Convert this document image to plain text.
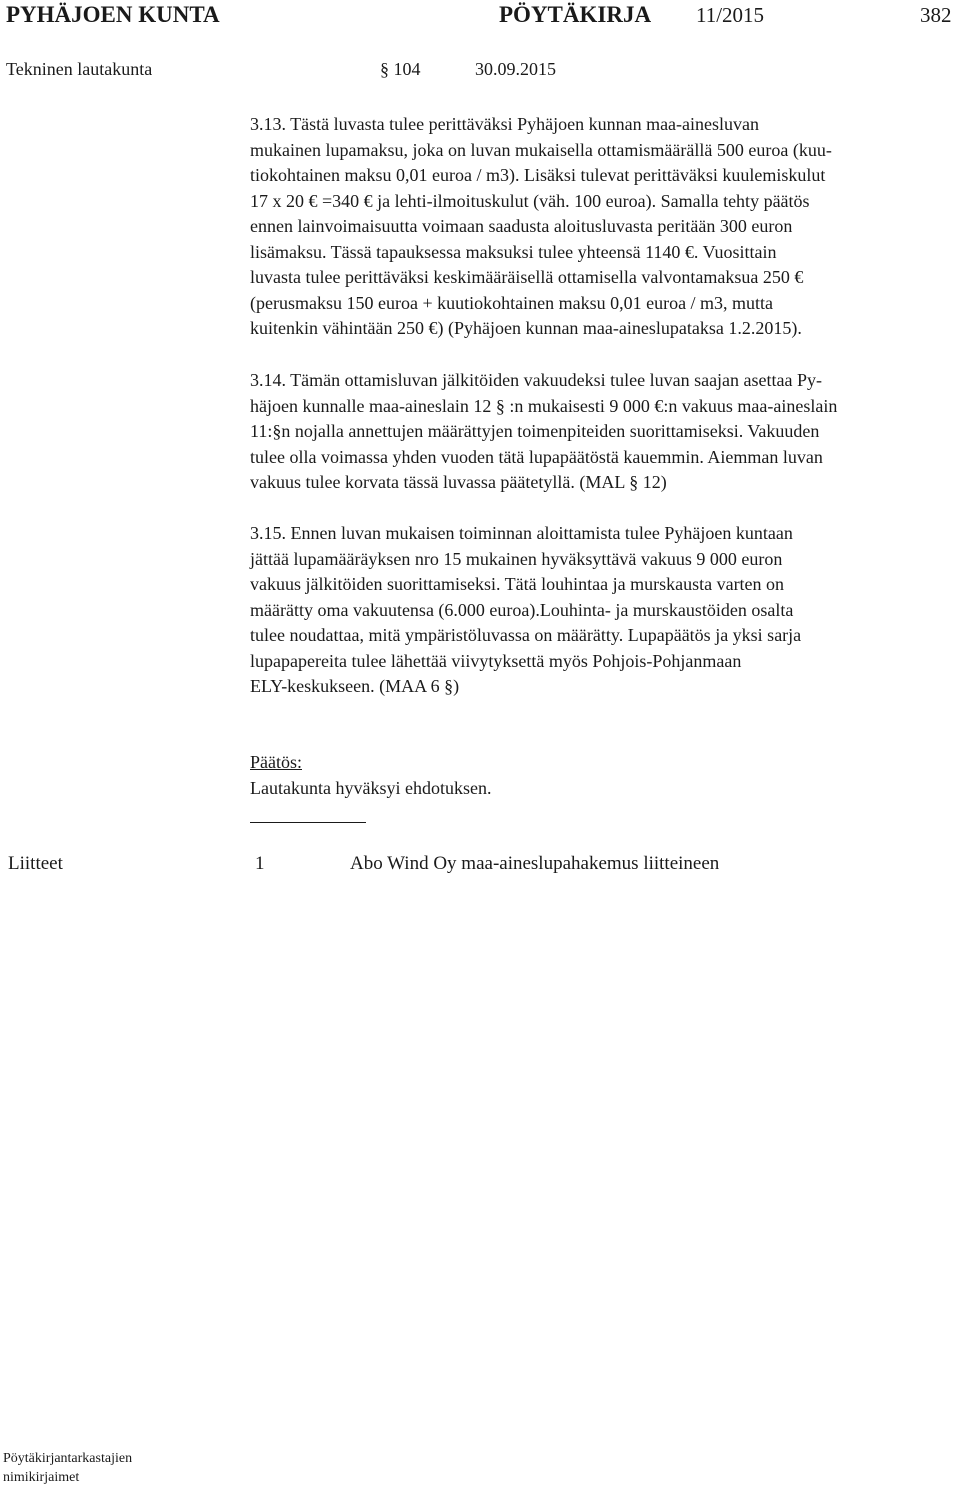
PYHÄJOEN KUNTA	PÖYTÄKIRJA 11/2015	382
Tekninen lautakunta	§ 104	30.09.2015
3.13. Tästä luvasta tulee perittäväksi Pyhäjoen kunnan maa-ainesluvan
mukainen lupamaksu, joka on luvan mukaisella ottamismäärällä 500 euroa (kuu-
tiokohtainen maksu 0,01 euroa / m3). Lisäksi tulevat perittäväksi kuulemiskulut
17 x 20 € =340 € ja lehti-ilmoituskulut (väh. 100 euroa). Samalla tehty päätös
ennen lainvoimaisuutta voimaan saadusta aloitusluvasta peritään 300 euron
lisämaksu. Tässä tapauksessa maksuksi tulee yhteensä 1140 €. Vuosittain
luvasta tulee perittäväksi keskimääräisellä ottamisella valvontamaksua 250 €
(perusmaksu 150 euroa + kuutiokohtainen maksu 0,01 euroa / m3, mutta
kuitenkin vähintään 250 €) (Pyhäjoen kunnan maa-aineslupataksa 1.2.2015).
3.14. Tämän ottamisluvan jälkitöiden vakuudeksi tulee luvan saajan asettaa Py-
häjoen kunnalle maa-aineslain 12 § :n mukaisesti 9 000 €:n vakuus maa-aineslain
11:§n nojalla annettujen määrättyjen toimenpiteiden suorittamiseksi. Vakuuden
tulee olla voimassa yhden vuoden tätä lupapäätöstä kauemmin. Aiemman luvan
vakuus tulee korvata tässä luvassa päätetyllä. (MAL § 12)
3.15. Ennen luvan mukaisen toiminnan aloittamista tulee Pyhäjoen kuntaan
jättää lupamääräyksen nro 15 mukainen hyväksyttävä vakuus 9 000 euron
vakuus jälkitöiden suorittamiseksi. Tätä louhintaa ja murskausta varten on
määrätty oma vakuutensa (6.000 euroa).Louhinta- ja murskaustöiden osalta
tulee noudattaa, mitä ympäristöluvassa on määrätty. Lupapäätös ja yksi sarja
lupapapereita tulee lähettää viivytyksettä myös Pohjois-Pohjanmaan
ELY-keskukseen. (MAA 6 §)
Päätös:
Lautakunta hyväksyi ehdotuksen.
Liitteet	1	Abo Wind Oy maa-aineslupahakemus liitteineen
Pöytäkirjantarkastajien
nimikirjaimet
